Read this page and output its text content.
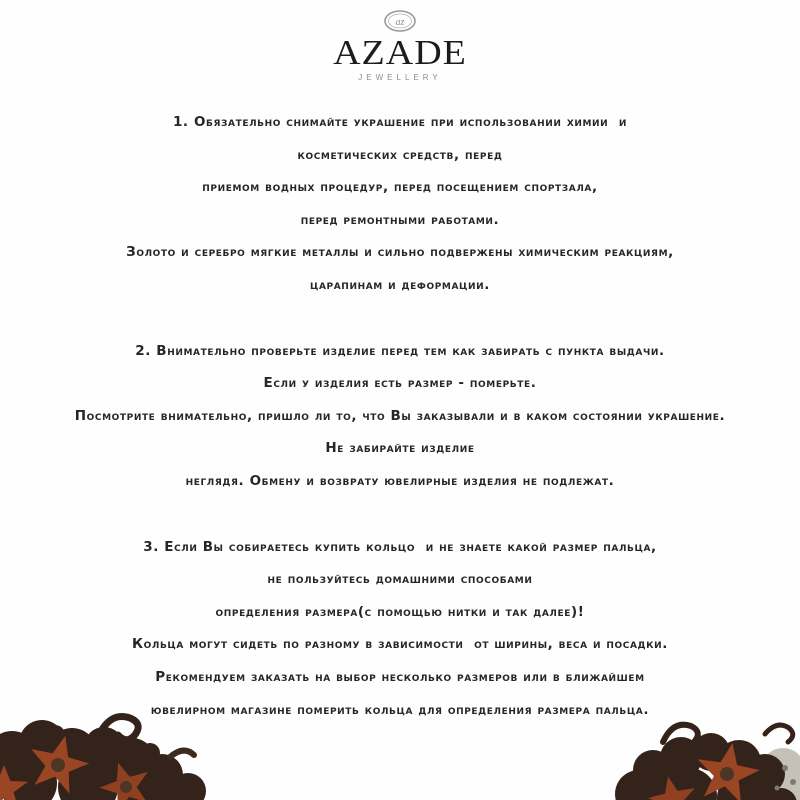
az
AZADE
JEWELLERY
1. Обязательно снимайте украшение при использовании химии  и
косметических средств, перед
приемом водных процедур, перед посещением спортзала,
перед ремонтными работами.
Золото и серебро мягкие металлы и сильно подвержены химическим реакциям,
царапинам и деформации.
2. Внимательно проверьте изделие перед тем как забирать с пункта выдачи.
Если у изделия есть размер - померьте.
Посмотрите внимательно, пришло ли то, что Вы заказывали и в каком состоянии украшение.
Не забирайте изделие
неглядя. Обмену и возврату ювелирные изделия не подлежат.
3. Если Вы собираетесь купить кольцо  и не знаете какой размер пальца,
не пользуйтесь домашними способами
определения размера(с помощью нитки и так далее)!
Кольца могут сидеть по разному в зависимости  от ширины, веса и посадки.
Рекомендуем заказать на выбор несколько размеров или в ближайшем
ювелирном магазине померить кольца для определения размера пальца.
